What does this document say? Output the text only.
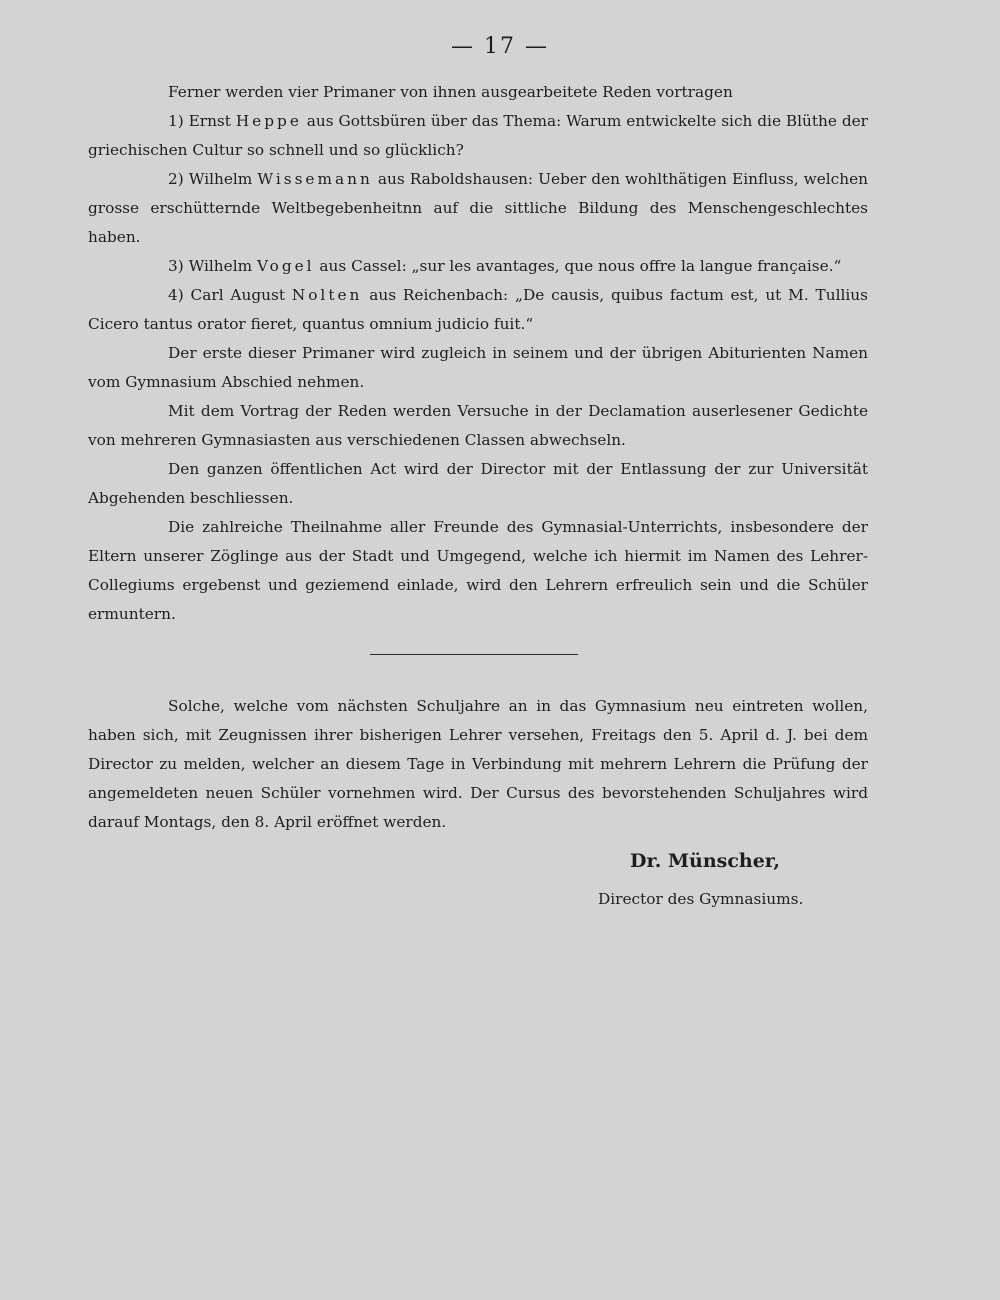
— 17 —

Ferner werden vier Primaner von ihnen ausgearbeitete Reden vortragen

1) Ernst Heppe aus Gottsbüren über das Thema: Warum entwickelte sich die Blüthe der griechischen Cultur so schnell und so glücklich?

2) Wilhelm Wissemann aus Raboldshausen: Ueber den wohlthätigen Einfluss, welchen grosse erschütternde Weltbegebenheitnn auf die sittliche Bildung des Menschengeschlechtes haben.

3) Wilhelm Vogel aus Cassel: „sur les avantages, que nous offre la langue française.“

4) Carl August Nolten aus Reichenbach: „De causis, quibus factum est, ut M. Tullius Cicero tantus orator fieret, quantus omnium judicio fuit.“

Der erste dieser Primaner wird zugleich in seinem und der übrigen Abiturienten Namen vom Gymnasium Abschied nehmen.

Mit dem Vortrag der Reden werden Versuche in der Declamation auserlesener Gedichte von mehreren Gymnasiasten aus verschiedenen Classen abwechseln.

Den ganzen öffentlichen Act wird der Director mit der Entlassung der zur Universität Abgehenden beschliessen.

Die zahlreiche Theilnahme aller Freunde des Gymnasial-Unterrichts, insbesondere der Eltern unserer Zöglinge aus der Stadt und Umgegend, welche ich hiermit im Namen des Lehrer-Collegiums ergebenst und geziemend einlade, wird den Lehrern erfreulich sein und die Schüler ermuntern.

Solche, welche vom nächsten Schuljahre an in das Gymnasium neu eintreten wollen, haben sich, mit Zeugnissen ihrer bisherigen Lehrer versehen, Freitags den 5. April d. J. bei dem Director zu melden, welcher an diesem Tage in Verbindung mit mehrern Lehrern die Prüfung der angemeldeten neuen Schüler vornehmen wird. Der Cursus des bevorstehenden Schuljahres wird darauf Montags, den 8. April eröffnet werden.

Dr. Münscher,
Director des Gymnasiums.
